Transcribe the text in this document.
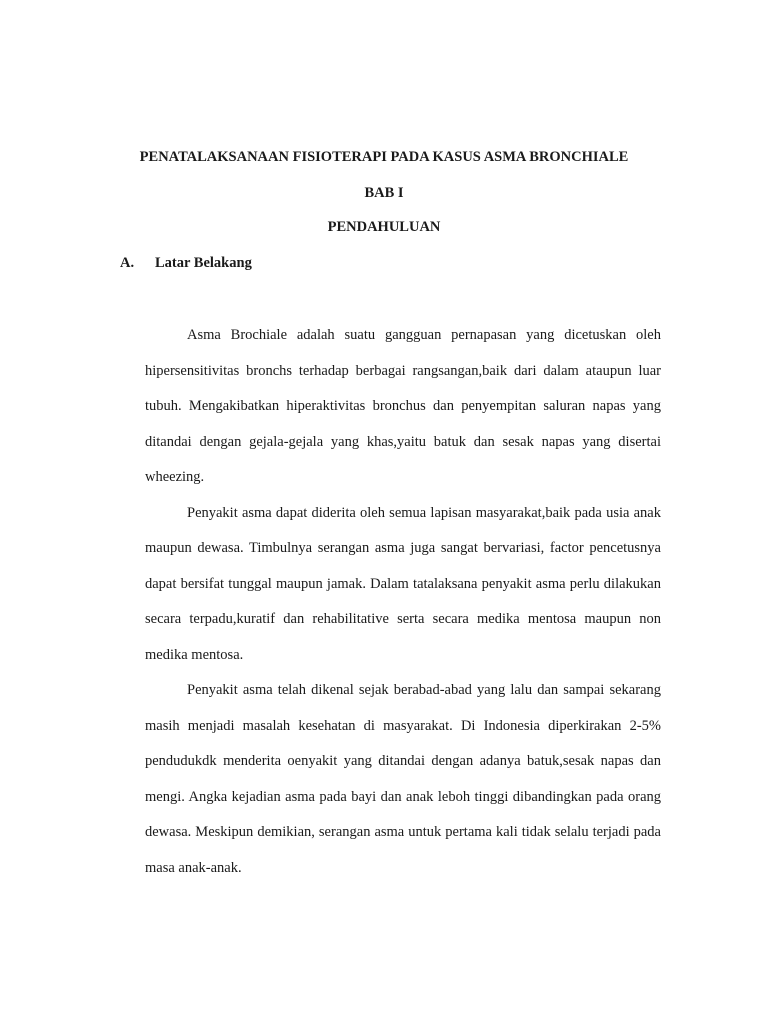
PENATALAKSANAAN FISIOTERAPI PADA KASUS ASMA BRONCHIALE
BAB I
PENDAHULUAN
A. Latar Belakang

Asma Brochiale adalah suatu gangguan pernapasan yang dicetuskan oleh hipersensitivitas bronchs terhadap berbagai rangsangan,baik dari dalam ataupun luar tubuh. Mengakibatkan hiperaktivitas bronchus dan penyempitan saluran napas yang ditandai dengan gejala-gejala yang khas,yaitu batuk dan sesak napas yang disertai wheezing.

Penyakit asma dapat diderita oleh semua lapisan masyarakat,baik pada usia anak maupun dewasa. Timbulnya serangan asma juga sangat bervariasi, factor pencetusnya dapat bersifat tunggal maupun jamak. Dalam tatalaksana penyakit asma perlu dilakukan secara terpadu,kuratif dan rehabilitative serta secara medika mentosa maupun non medika mentosa.

Penyakit asma telah dikenal sejak berabad-abad yang lalu dan sampai sekarang masih menjadi masalah kesehatan di masyarakat. Di Indonesia diperkirakan 2-5% pendudukdk menderita oenyakit yang ditandai dengan adanya batuk,sesak napas dan mengi. Angka kejadian asma pada bayi dan anak leboh tinggi dibandingkan pada orang dewasa. Meskipun demikian, serangan asma untuk pertama kali tidak selalu terjadi pada masa anak-anak.
